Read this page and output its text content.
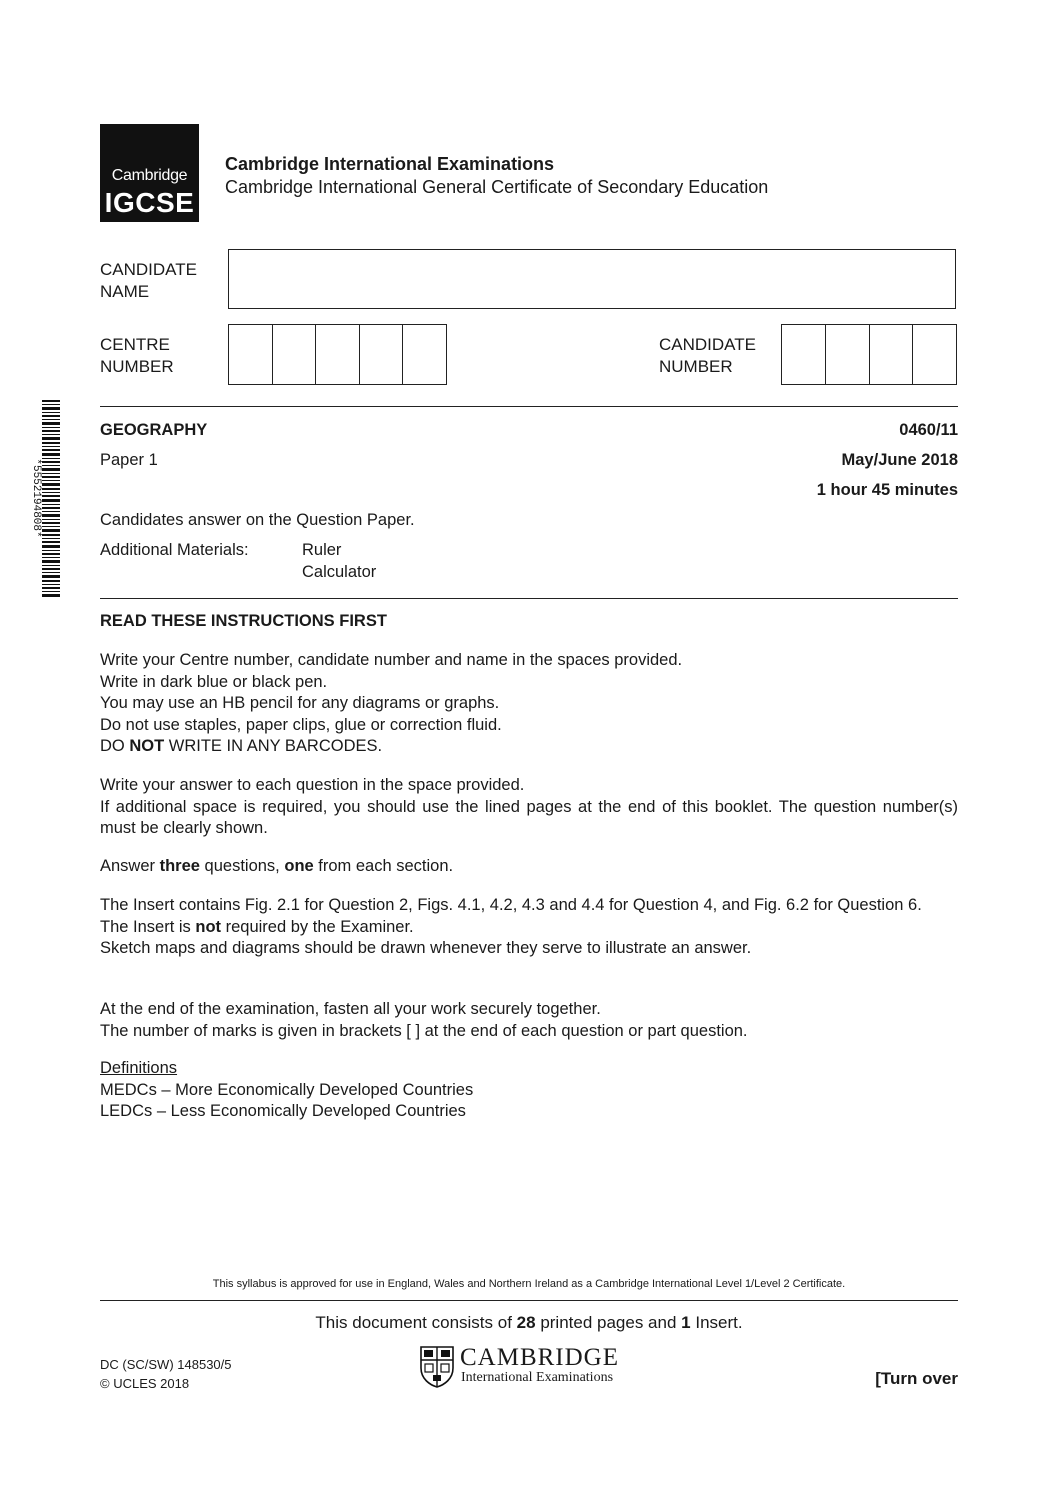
Cambridge
IGCSE
Cambridge International Examinations
Cambridge International General Certificate of Secondary Education
CANDIDATE
NAME
CENTRE
NUMBER
CANDIDATE
NUMBER
*5552194808*
GEOGRAPHY	0460/11
Paper 1	May/June 2018
1 hour 45 minutes
Candidates answer on the Question Paper.
Additional Materials:	Ruler
Calculator
READ THESE INSTRUCTIONS FIRST

Write your Centre number, candidate number and name in the spaces provided.

Write in dark blue or black pen.

You may use an HB pencil for any diagrams or graphs.

Do not use staples, paper clips, glue or correction fluid.

DO NOT WRITE IN ANY BARCODES.

Write your answer to each question in the space provided.

If additional space is required, you should use the lined pages at the end of this booklet. The question number(s) must be clearly shown.

Answer three questions, one from each section.

The Insert contains Fig. 2.1 for Question 2, Figs. 4.1, 4.2, 4.3 and 4.4 for Question 4, and Fig. 6.2 for Question 6.

The Insert is not required by the Examiner.

Sketch maps and diagrams should be drawn whenever they serve to illustrate an answer.

At the end of the examination, fasten all your work securely together.

The number of marks is given in brackets [ ] at the end of each question or part question.

Definitions

MEDCs – More Economically Developed Countries

LEDCs – Less Economically Developed Countries

This syllabus is approved for use in England, Wales and Northern Ireland as a Cambridge International Level 1/Level 2 Certificate.
This document consists of 28 printed pages and 1 Insert.
DC (SC/SW) 148530/5
© UCLES 2018
CAMBRIDGE
International Examinations	[Turn over
